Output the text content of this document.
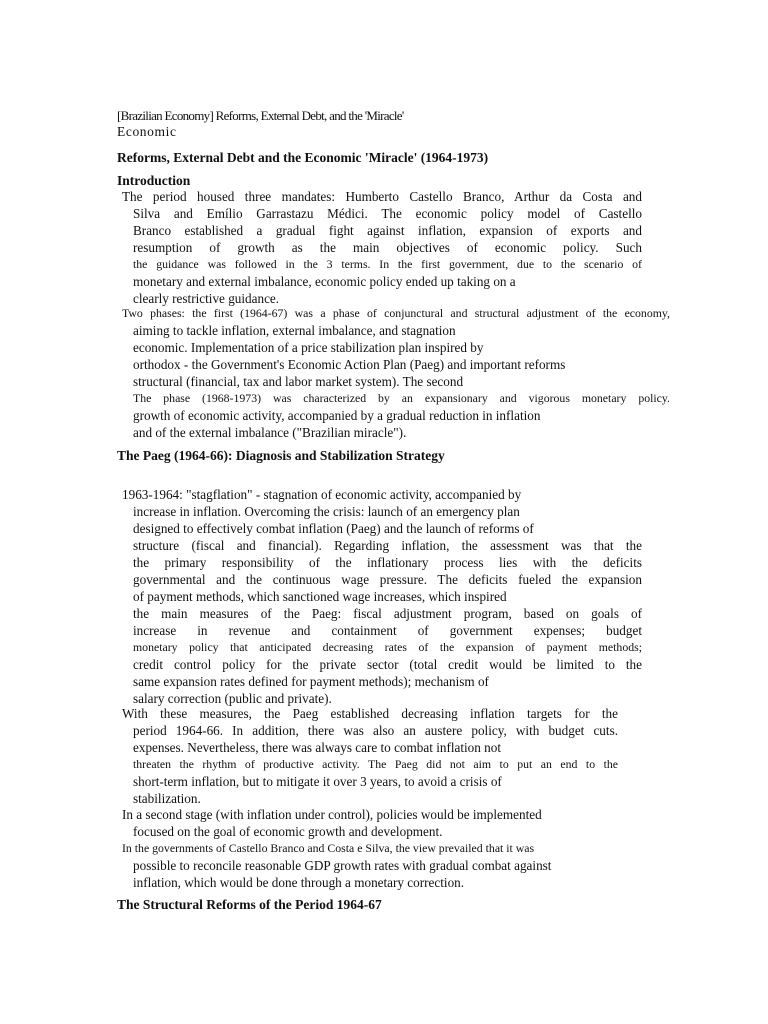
[Brazilian Economy] Reforms, External Debt, and the 'Miracle'
Economic
Reforms, External Debt and the Economic 'Miracle' (1964-1973)
Introduction
The period housed three mandates: Humberto Castello Branco, Arthur da Costa and
Silva and Emílio Garrastazu Médici. The economic policy model of Castello
Branco established a gradual fight against inflation, expansion of exports and
resumption of growth as the main objectives of economic policy. Such
the guidance was followed in the 3 terms. In the first government, due to the scenario of
monetary and external imbalance, economic policy ended up taking on a
clearly restrictive guidance.
Two phases: the first (1964-67) was a phase of conjunctural and structural adjustment of the economy,
aiming to tackle inflation, external imbalance, and stagnation
economic. Implementation of a price stabilization plan inspired by
orthodox - the Government's Economic Action Plan (Paeg) and important reforms
structural (financial, tax and labor market system). The second
The phase (1968-1973) was characterized by an expansionary and vigorous monetary policy.
growth of economic activity, accompanied by a gradual reduction in inflation
and of the external imbalance ("Brazilian miracle").
The Paeg (1964-66): Diagnosis and Stabilization Strategy
1963-1964: "stagflation" - stagnation of economic activity, accompanied by
increase in inflation. Overcoming the crisis: launch of an emergency plan
designed to effectively combat inflation (Paeg) and the launch of reforms of
structure (fiscal and financial). Regarding inflation, the assessment was that the
the primary responsibility of the inflationary process lies with the deficits
governmental and the continuous wage pressure. The deficits fueled the expansion
of payment methods, which sanctioned wage increases, which inspired
the main measures of the Paeg: fiscal adjustment program, based on goals of
increase in revenue and containment of government expenses; budget
monetary policy that anticipated decreasing rates of the expansion of payment methods;
credit control policy for the private sector (total credit would be limited to the
same expansion rates defined for payment methods); mechanism of
salary correction (public and private).
With these measures, the Paeg established decreasing inflation targets for the
period 1964-66. In addition, there was also an austere policy, with budget cuts.
expenses. Nevertheless, there was always care to combat inflation not
threaten the rhythm of productive activity. The Paeg did not aim to put an end to the
short-term inflation, but to mitigate it over 3 years, to avoid a crisis of
stabilization.
In a second stage (with inflation under control), policies would be implemented
focused on the goal of economic growth and development.
In the governments of Castello Branco and Costa e Silva, the view prevailed that it was
possible to reconcile reasonable GDP growth rates with gradual combat against
inflation, which would be done through a monetary correction.
The Structural Reforms of the Period 1964-67
